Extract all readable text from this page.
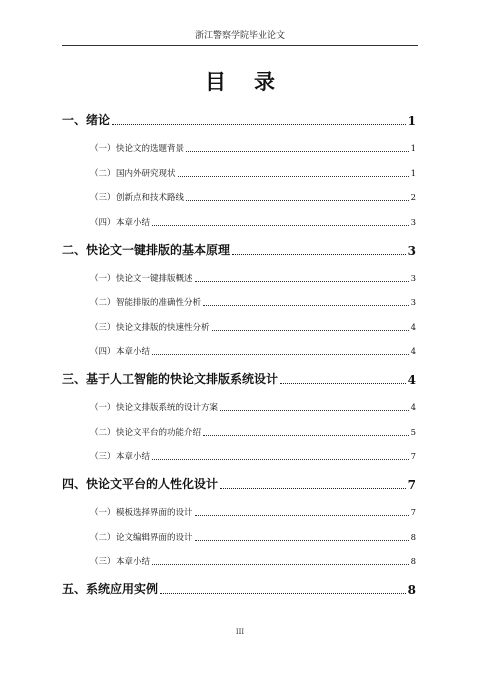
浙江警察学院毕业论文
目 录
一、绪论	1
（一）快论文的选题背景	1
（二）国内外研究现状	1
（三）创新点和技术路线	2
（四）本章小结	3
二、快论文一键排版的基本原理	3
（一）快论文一键排版概述	3
（二）智能排版的准确性分析	3
（三）快论文排版的快速性分析	4
（四）本章小结	4
三、基于人工智能的快论文排版系统设计	4
（一）快论文排版系统的设计方案	4
（二）快论文平台的功能介绍	5
（三）本章小结	7
四、快论文平台的人性化设计	7
（一）模板选择界面的设计	7
（二）论文编辑界面的设计	8
（三）本章小结	8
五、系统应用实例	8
III
